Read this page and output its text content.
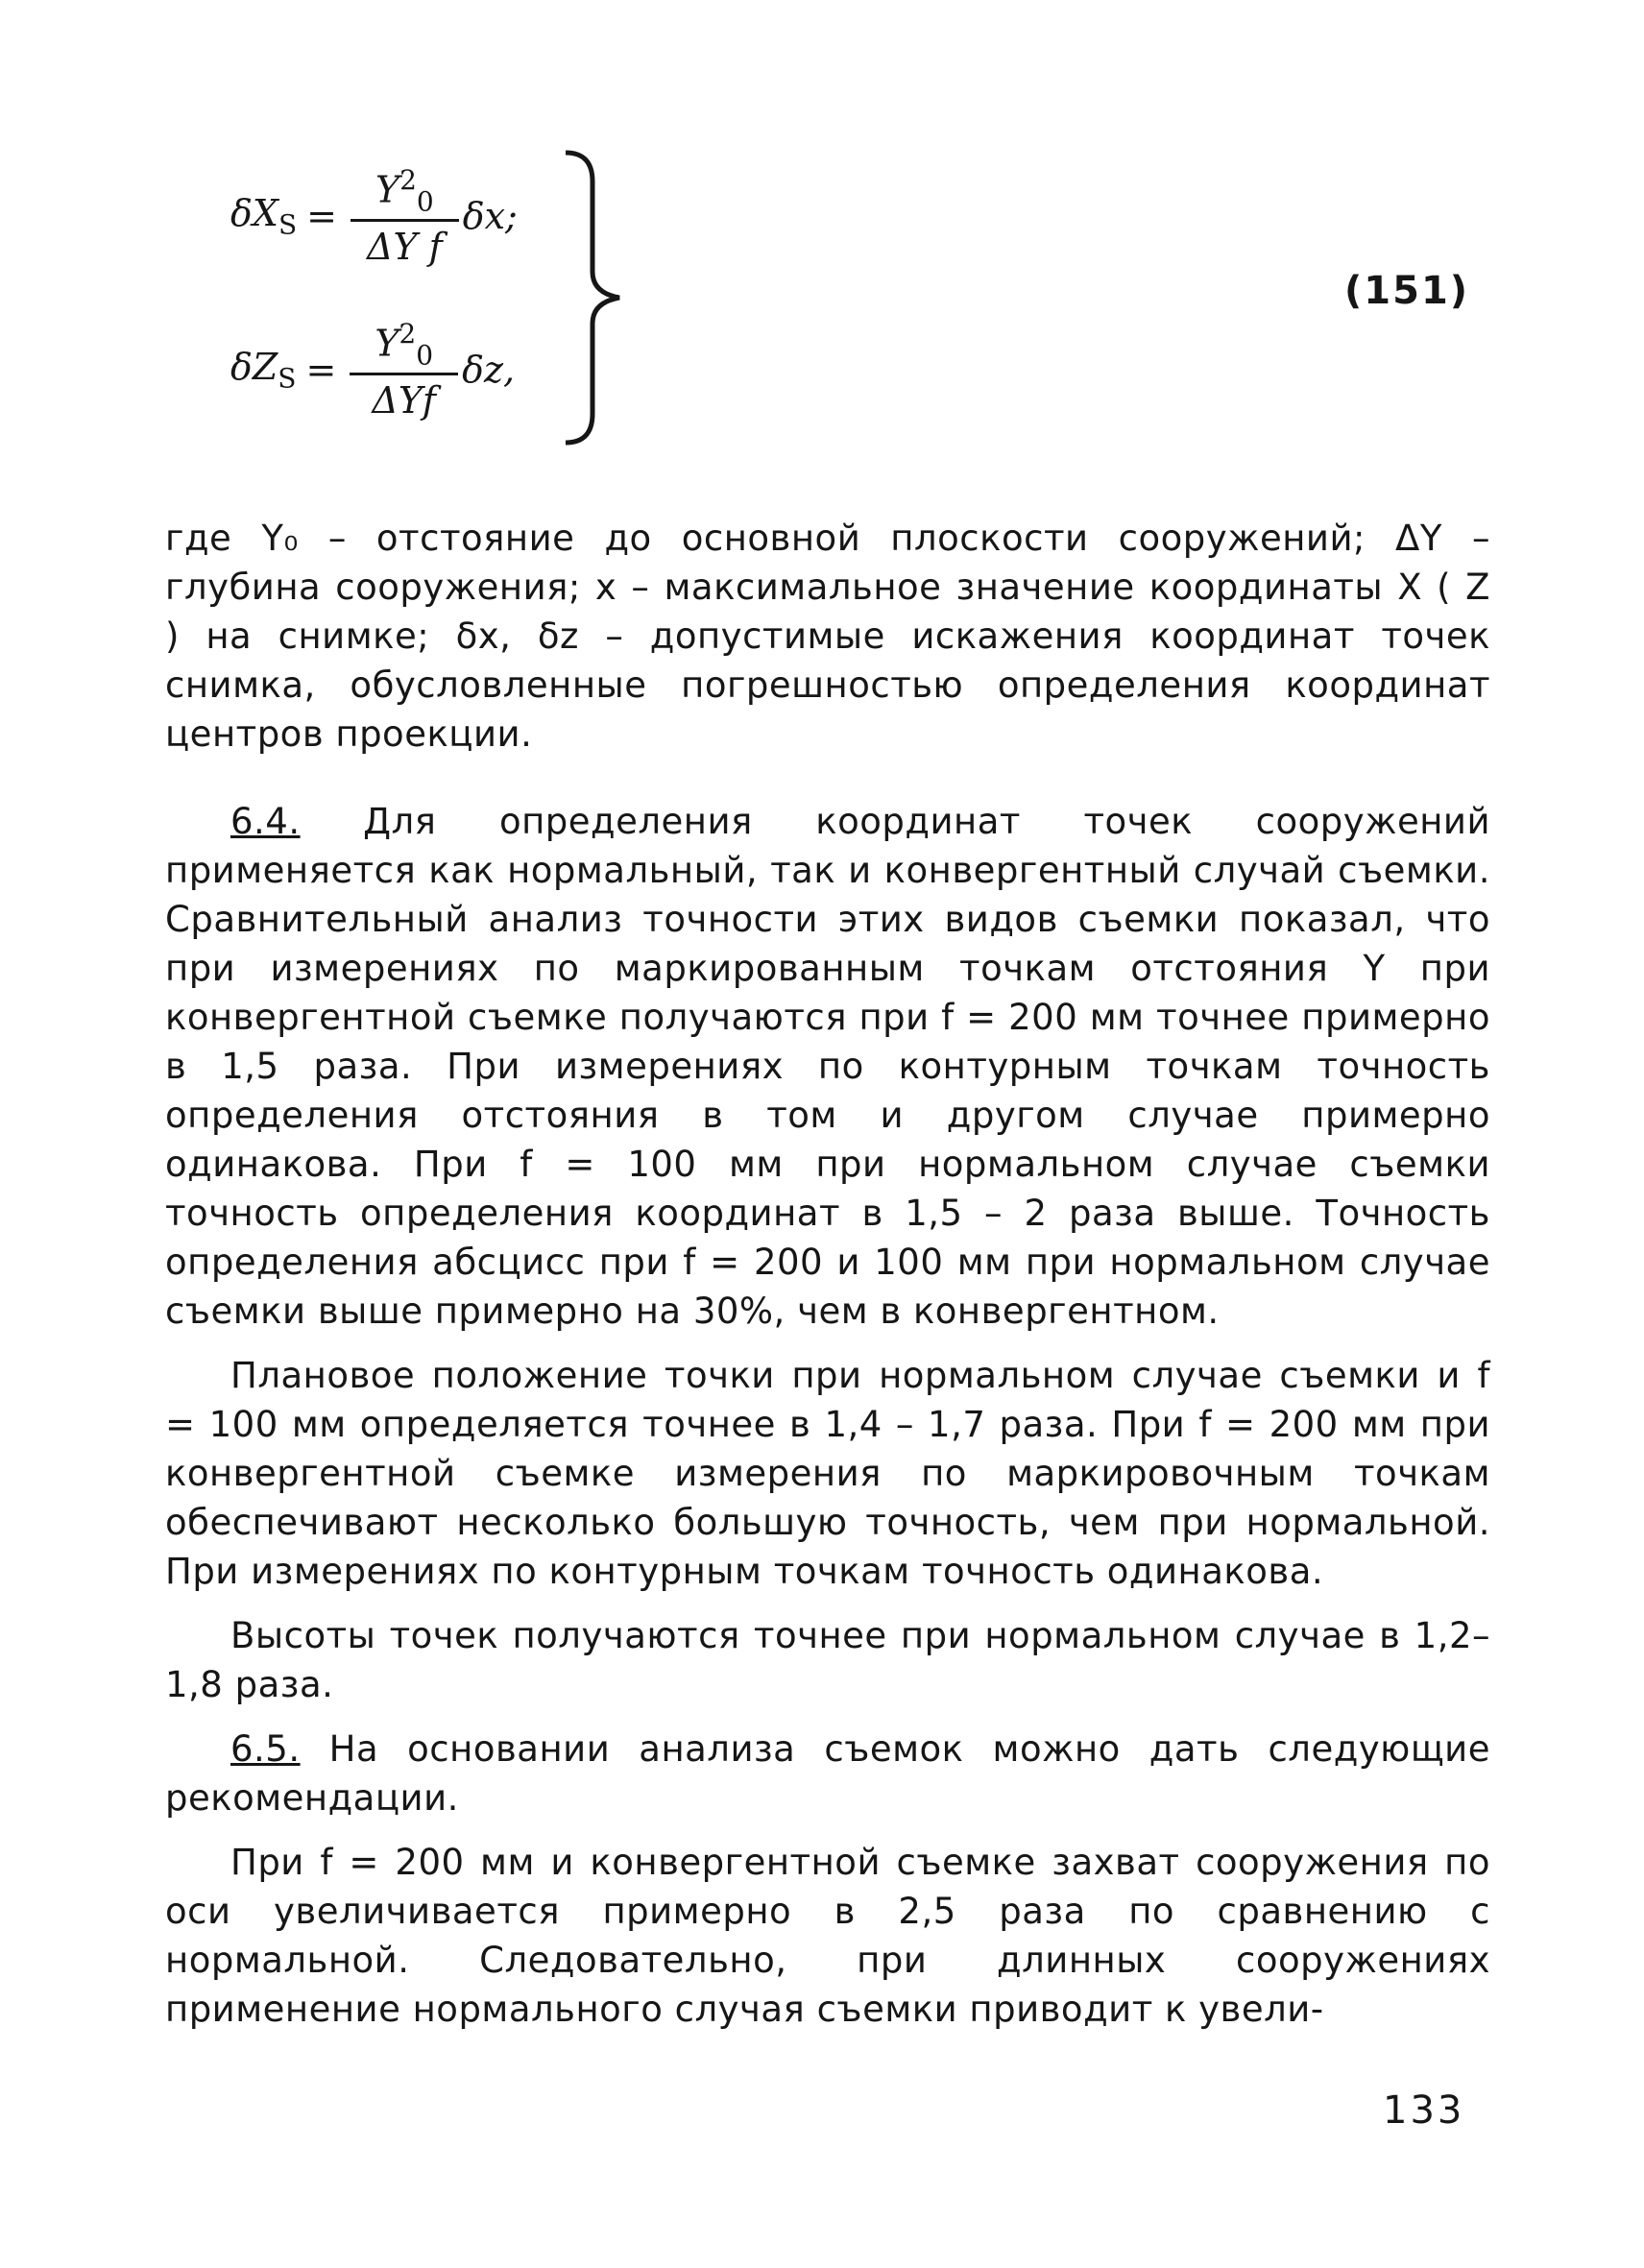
$\delta X_S = \frac{Y^2_0}{\text{ΔY f}} \delta x$;
$\delta Z_S = \frac{Y^2_0}{\text{ΔYf}} \delta z$,
(151)

где Y₀ – отстояние до основной плоскости сооружений; ΔY – глубина сооружения; x – максимальное значение координаты X ( Z ) на снимке; δx, δz – допустимые искажения координат точек снимка, обусловленные погрешностью определения координат центров проекции.

6.4. Для определения координат точек сооружений применяется как нормальный, так и конвергентный случай съемки. Сравнительный анализ точности этих видов съемки показал, что при измерениях по маркированным точкам отстояния Y при конвергентной съемке получаются при f = 200 мм точнее примерно в 1,5 раза. При измерениях по контурным точкам точность определения отстояния в том и другом случае примерно одинакова. При f = 100 мм при нормальном случае съемки точность определения координат в 1,5 – 2 раза выше. Точность определения абсцисс при f = 200 и 100 мм при нормальном случае съемки выше примерно на 30%, чем в конвергентном.

Плановое положение точки при нормальном случае съемки и f = 100 мм определяется точнее в 1,4 – 1,7 раза. При f = 200 мм при конвергентной съемке измерения по маркировочным точкам обеспечивают несколько большую точность, чем при нормальной. При измерениях по контурным точкам точность одинакова.

Высоты точек получаются точнее при нормальном случае в 1,2–1,8 раза.

6.5. На основании анализа съемок можно дать следующие рекомендации.

При f = 200 мм и конвергентной съемке захват сооружения по оси увеличивается примерно в 2,5 раза по сравнению с нормальной. Следовательно, при длинных сооружениях применение нормального случая съемки приводит к увели-

133
